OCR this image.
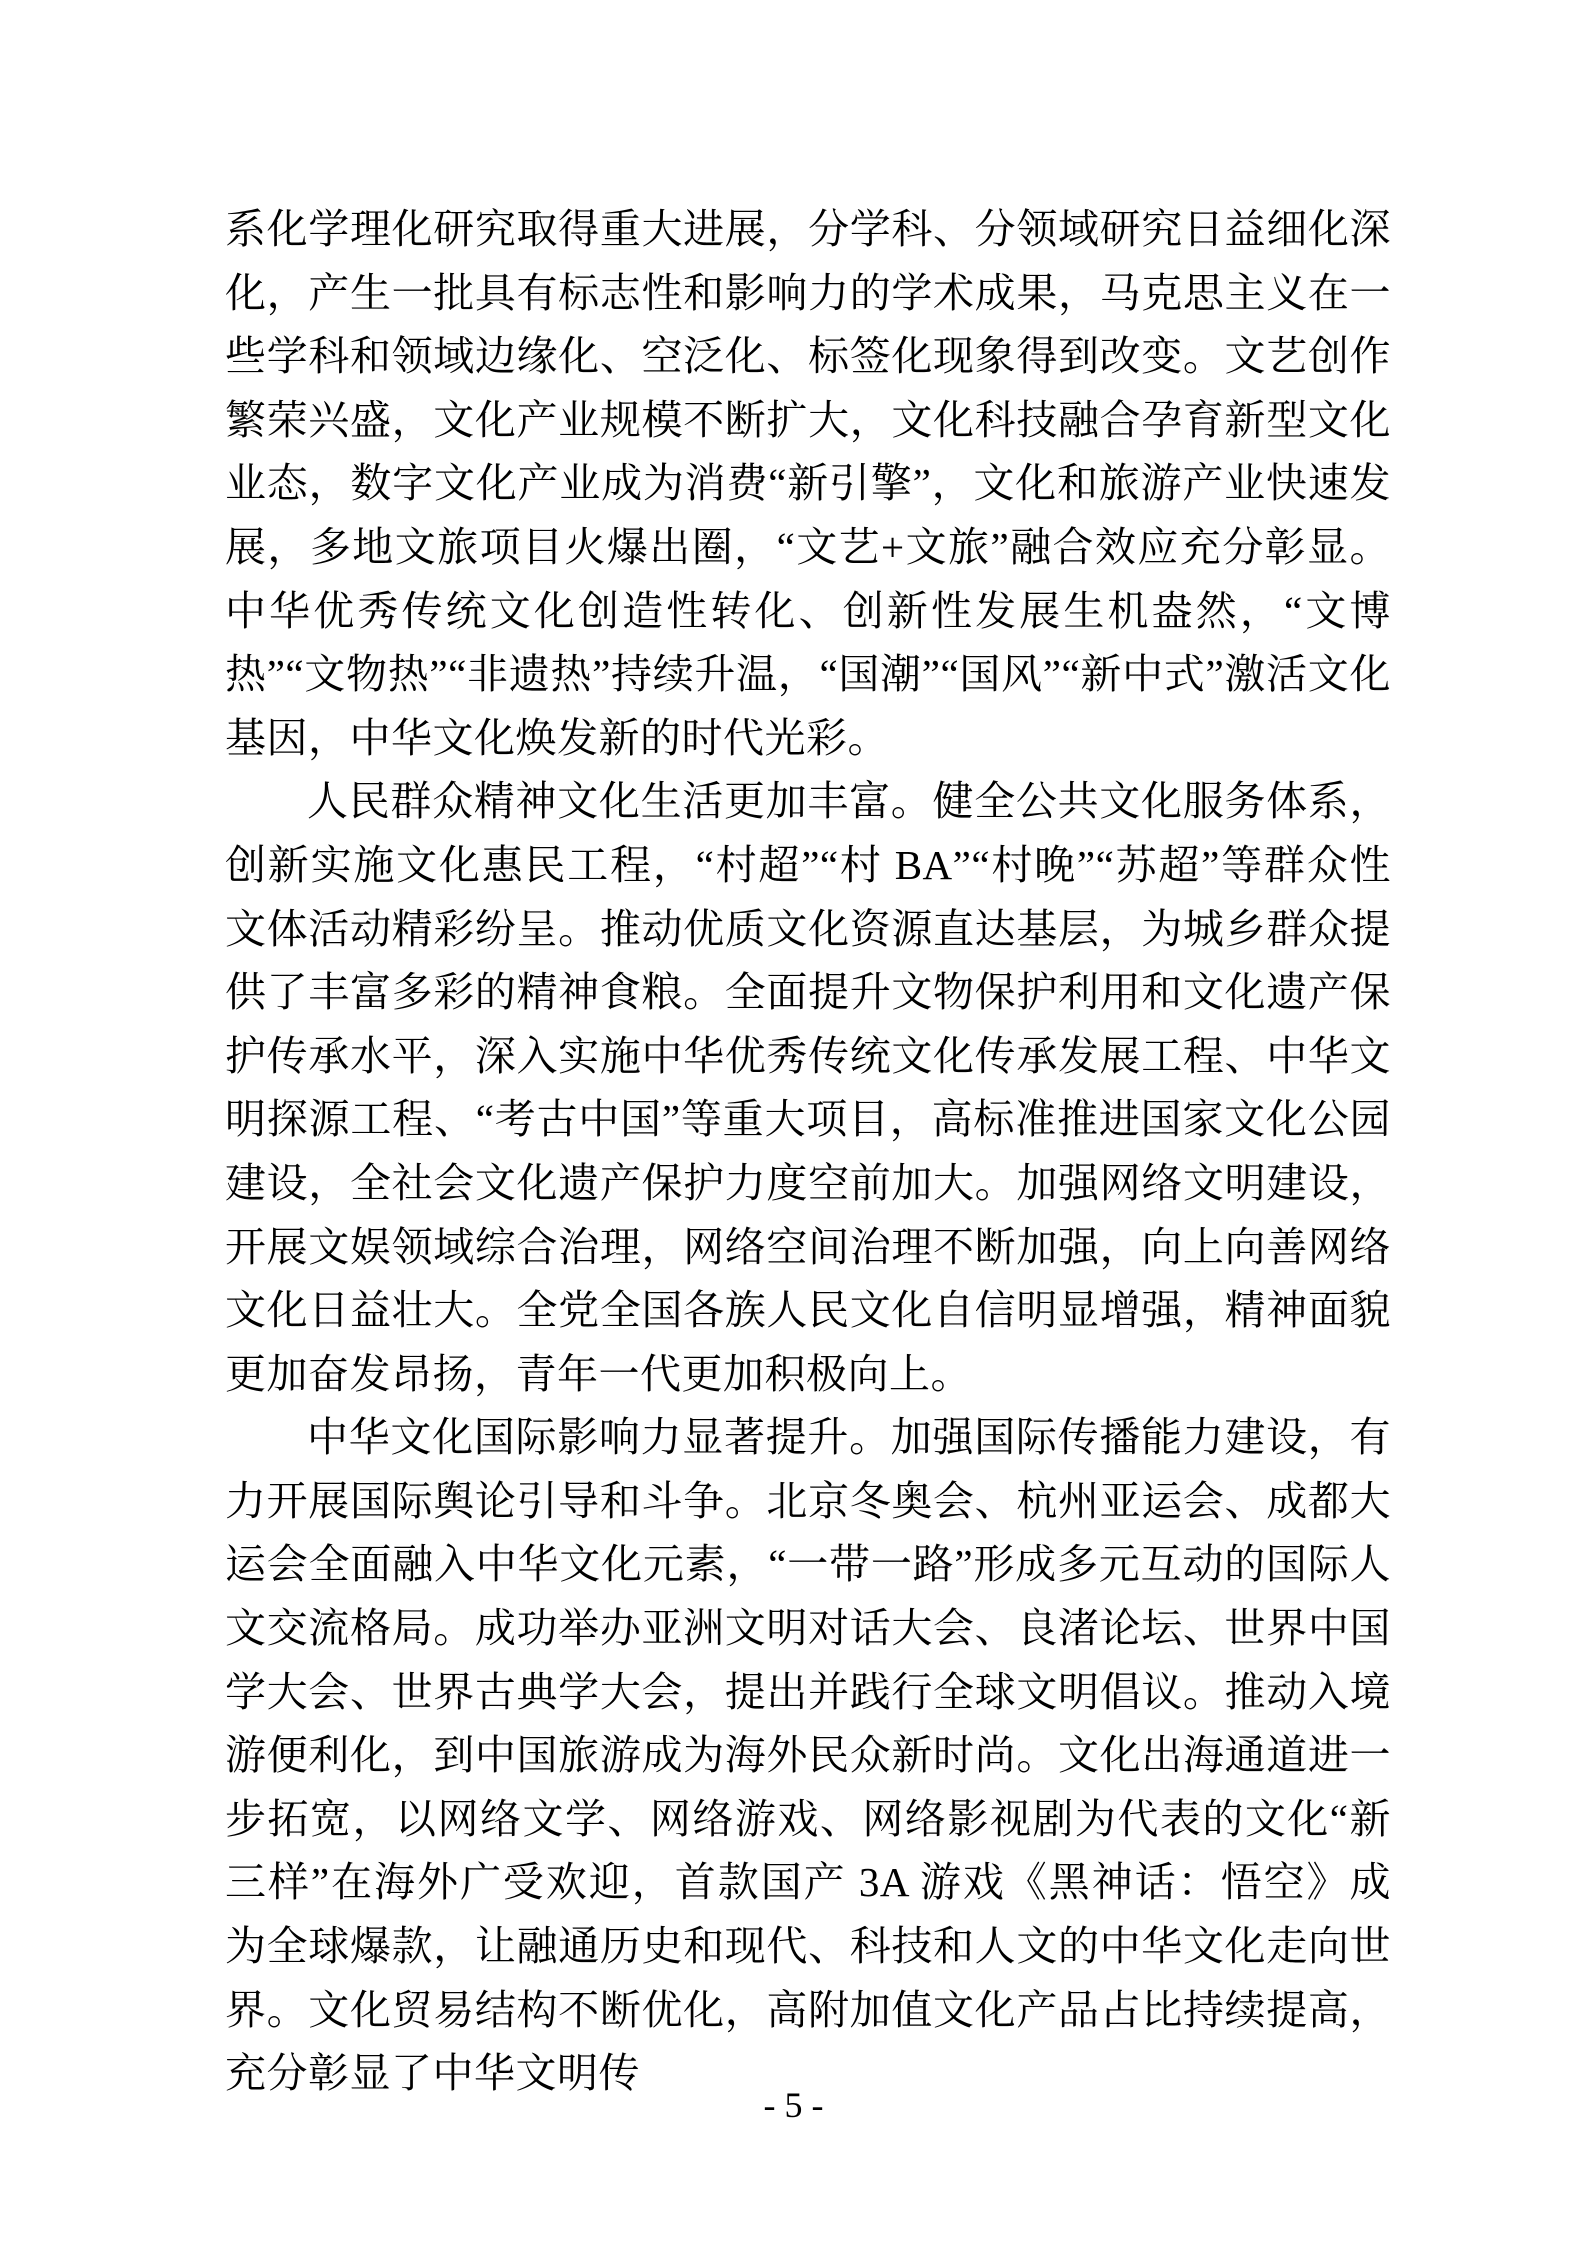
系化学理化研究取得重大进展，分学科、分领域研究日益细化深化，产生一批具有标志性和影响力的学术成果，马克思主义在一些学科和领域边缘化、空泛化、标签化现象得到改变。文艺创作繁荣兴盛，文化产业规模不断扩大，文化科技融合孕育新型文化业态，数字文化产业成为消费“新引擎”，文化和旅游产业快速发展，多地文旅项目火爆出圈，“文艺+文旅”融合效应充分彰显。中华优秀传统文化创造性转化、创新性发展生机盎然，“文博热”“文物热”“非遗热”持续升温，“国潮”“国风”“新中式”激活文化基因，中华文化焕发新的时代光彩。

人民群众精神文化生活更加丰富。健全公共文化服务体系，创新实施文化惠民工程，“村超”“村 BA”“村晚”“苏超”等群众性文体活动精彩纷呈。推动优质文化资源直达基层，为城乡群众提供了丰富多彩的精神食粮。全面提升文物保护利用和文化遗产保护传承水平，深入实施中华优秀传统文化传承发展工程、中华文明探源工程、“考古中国”等重大项目，高标准推进国家文化公园建设，全社会文化遗产保护力度空前加大。加强网络文明建设，开展文娱领域综合治理，网络空间治理不断加强，向上向善网络文化日益壮大。全党全国各族人民文化自信明显增强，精神面貌更加奋发昂扬，青年一代更加积极向上。

中华文化国际影响力显著提升。加强国际传播能力建设，有力开展国际舆论引导和斗争。北京冬奥会、杭州亚运会、成都大运会全面融入中华文化元素，“一带一路”形成多元互动的国际人文交流格局。成功举办亚洲文明对话大会、良渚论坛、世界中国学大会、世界古典学大会，提出并践行全球文明倡议。推动入境游便利化，到中国旅游成为海外民众新时尚。文化出海通道进一步拓宽，以网络文学、网络游戏、网络影视剧为代表的文化“新三样”在海外广受欢迎，首款国产 3A 游戏《黑神话：悟空》成为全球爆款，让融通历史和现代、科技和人文的中华文化走向世界。文化贸易结构不断优化，高附加值文化产品占比持续提高，充分彰显了中华文明传

- 5 -
